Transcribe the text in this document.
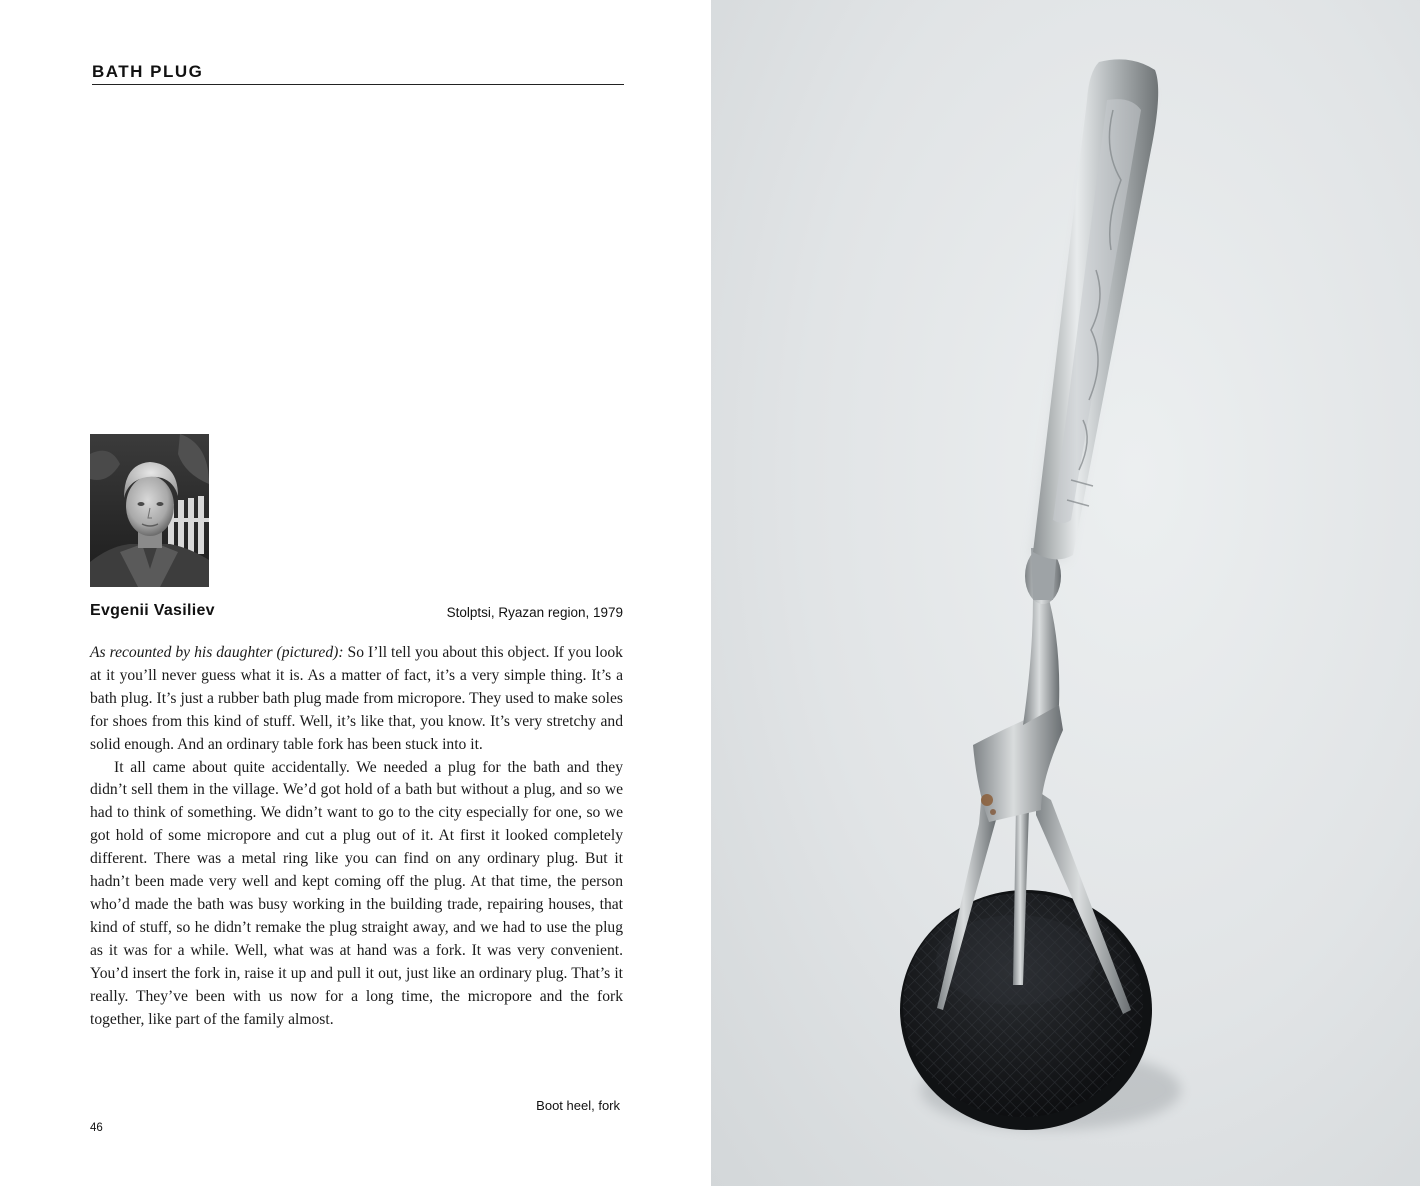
BATH PLUG
Evgenii Vasiliev	Stolptsi, Ryazan region, 1979

As recounted by his daughter (pictured): So I’ll tell you about this object. If you look at it you’ll never guess what it is. As a matter of fact, it’s a very simple thing. It’s a bath plug. It’s just a rubber bath plug made from micropore. They used to make soles for shoes from this kind of stuff. Well, it’s like that, you know. It’s very stretchy and solid enough. And an ordinary table fork has been stuck into it.

It all came about quite accidentally. We needed a plug for the bath and they didn’t sell them in the village. We’d got hold of a bath but without a plug, and so we had to think of something. We didn’t want to go to the city especially for one, so we got hold of some micropore and cut a plug out of it. At first it looked completely different. There was a metal ring like you can find on any ordinary plug. But it hadn’t been made very well and kept coming off the plug. At that time, the person who’d made the bath was busy working in the building trade, repairing houses, that kind of stuff, so he didn’t remake the plug straight away, and we had to use the plug as it was for a while. Well, what was at hand was a fork. It was very convenient. You’d insert the fork in, raise it up and pull it out, just like an ordinary plug. That’s it really. They’ve been with us now for a long time, the micropore and the fork together, like part of the family almost.

Boot heel, fork
46
